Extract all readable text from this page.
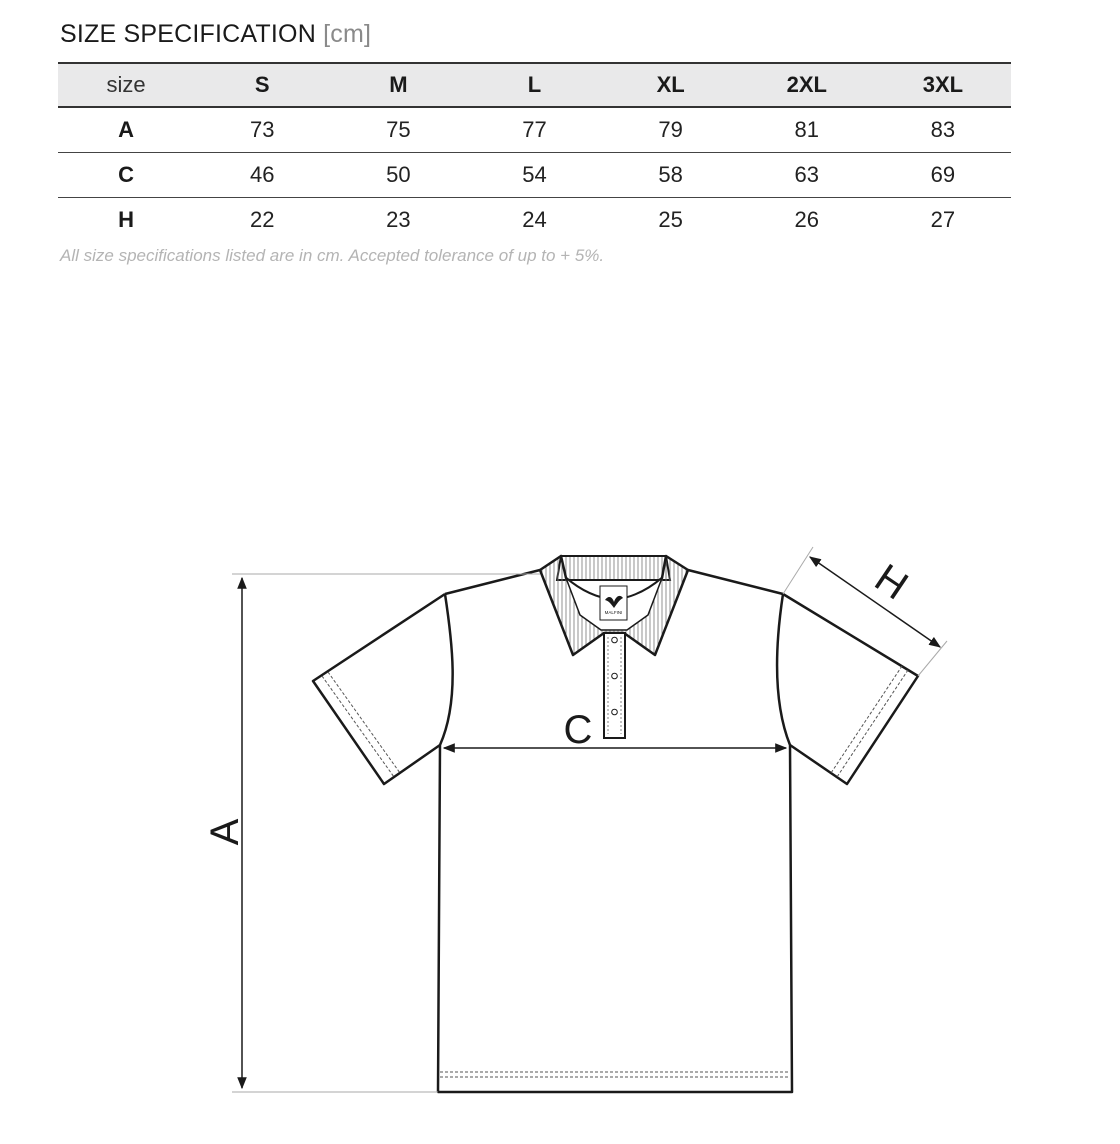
SIZE SPECIFICATION [cm]
size	S	M	L	XL	2XL	3XL
A	73	75	77	79	81	83
C	46	50	54	58	63	69
H	22	23	24	25	26	27
All size specifications listed are in cm. Accepted tolerance of up to + 5%.
MALFINI
A
C
H
